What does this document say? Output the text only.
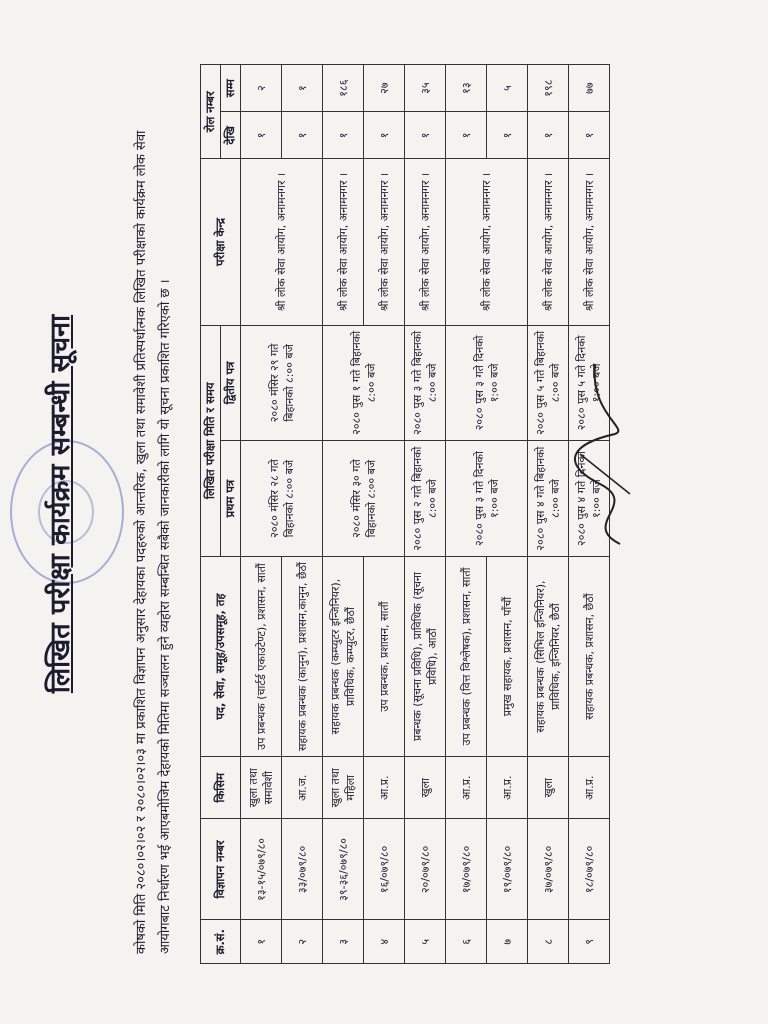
लिखित परीक्षा कार्यक्रम सम्बन्धी सूचना	कोषको मिति २०८०।०२।०२ र २०८०।०२।०३ मा प्रकाशित विज्ञापन अनुसार देहायका पदहरुको आन्तरिक, खुला तथा समावेशी प्रतिस्पर्धात्मक लिखित परीक्षाको कार्यक्रम लोक सेवा आयोगबाट निर्धारण भई आएबमोजिम देहायको मितिमा सञ्चालन हुने व्यहोरा सम्बन्धित सबैको जानकारीको लागि यो सूचना प्रकाशित गरिएको छ ।	क्र.सं.	विज्ञापन नम्बर	किसिम	पद, सेवा, समूह/उपसमूह, तह	लिखित परीक्षा मिति र समय		परीक्षा केन्द्र	रोल नम्बर	
				प्रथम पत्र	द्वितीय पत्र		देखि	सम्म
१	१३-१५/०७९/८०	खुला तथा समावेशी	उप प्रबन्धक (चार्टर्ड एकाउटेण्ट), प्रशासन, सातौं	२०८० मंसिर २८ गते बिहानको ८:०० बजे	२०८० मंसिर २९ गते बिहानको ८:०० बजे	श्री लोक सेवा आयोग, अनामनगर ।	१	२
२	३३/०७९/८०	आ.ज.	सहायक प्रबन्धक (कानुन), प्रशासन,कानुन, छैठौं				१	१
३	३९-३६/०७९/८०	खुला तथा महिला	सहायक प्रबन्धक (कम्प्युटर इन्जिनियर), प्राविधिक, कम्प्युटर, छैठौं	२०८० मंसिर ३० गते बिहानको ८:०० बजे	२०८० पुस १ गते बिहानको ८:०० बजे	श्री लोक सेवा आयोग, अनामनगर ।	१	१८६
४	१६/०७९/८०	आ.प्र.	उप प्रबन्धक, प्रशासन, सातौं			श्री लोक सेवा आयोग, अनामनगर ।	१	२७
५	२०/०७९/८०	खुला	प्रबन्धक (सूचना प्रविधि), प्राविधिक (सूचना प्रविधि), आठौं	२०८० पुस २ गते बिहानको ८:०० बजे	२०८० पुस ३ गते बिहानको ८:०० बजे	श्री लोक सेवा आयोग, अनामनगर ।	१	३५
६	१७/०७९/८०	आ.प्र.	उप प्रबन्धक (वित्त विश्लेषक), प्रशासन, सातौं	२०८० पुस ३ गते दिनको १:०० बजे	२०८० पुस ३ गते दिनको १:०० बजे	श्री लोक सेवा आयोग, अनामनगर ।	१	१३
७	१९/०७९/८०	आ.प्र.	प्रमुख सहायक, प्रशासन, पाँचौं				१	५
८	३७/०७९/८०	खुला	सहायक प्रबन्धक (सिभिल इन्जिनियर), प्राविधिक, इन्जिनियर, छैठौं	२०८० पुस ४ गते बिहानको ८:०० बजे	२०८० पुस ५ गते बिहानको ८:०० बजे	श्री लोक सेवा आयोग, अनामनगर ।	१	१९८
९	१८/०७९/८०	आ.प्र.	सहायक प्रबन्धक, प्रशासन, छैठौं	२०८० पुस ४ गते दिनको १:०० बजे	२०८० पुस ५ गते दिनको १:०० बजे	श्री लोक सेवा आयोग, अनामनगर ।	१	७७
